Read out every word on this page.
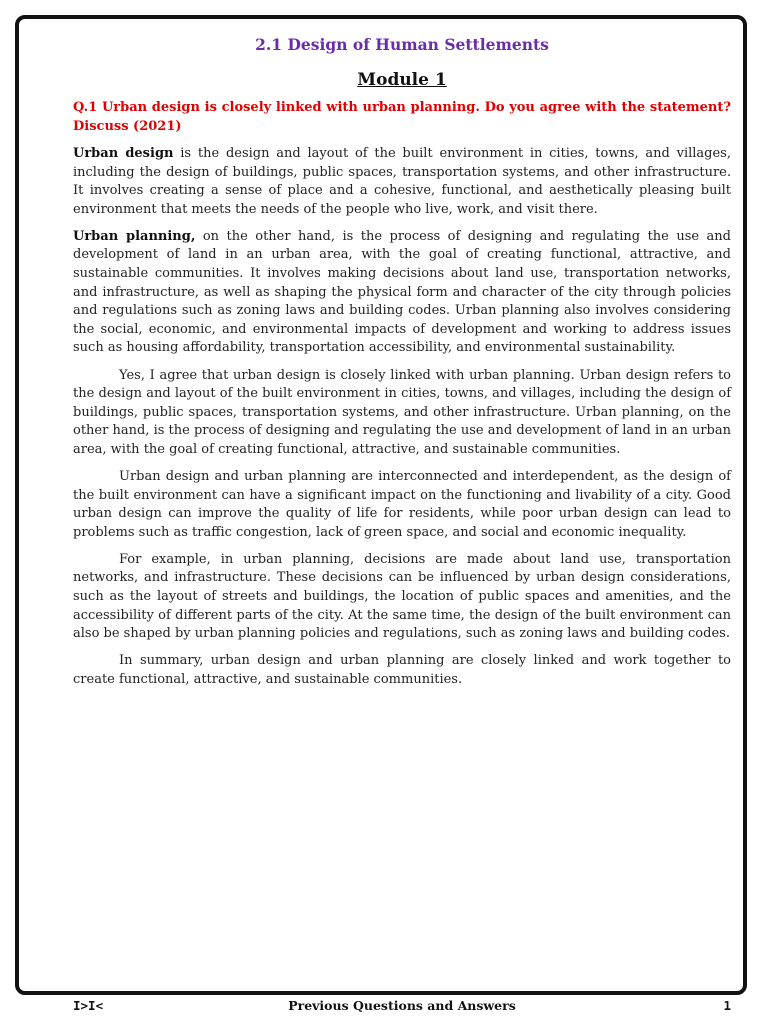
2.1 Design of Human Settlements
Module 1
Q.1 Urban design is closely linked with urban planning. Do you agree with the statement? Discuss (2021)

Urban design is the design and layout of the built environment in cities, towns, and villages, including the design of buildings, public spaces, transportation systems, and other infrastructure. It involves creating a sense of place and a cohesive, functional, and aesthetically pleasing built environment that meets the needs of the people who live, work, and visit there.

Urban planning, on the other hand, is the process of designing and regulating the use and development of land in an urban area, with the goal of creating functional, attractive, and sustainable communities. It involves making decisions about land use, transportation networks, and infrastructure, as well as shaping the physical form and character of the city through policies and regulations such as zoning laws and building codes. Urban planning also involves considering the social, economic, and environmental impacts of development and working to address issues such as housing affordability, transportation accessibility, and environmental sustainability.

Yes, I agree that urban design is closely linked with urban planning. Urban design refers to the design and layout of the built environment in cities, towns, and villages, including the design of buildings, public spaces, transportation systems, and other infrastructure. Urban planning, on the other hand, is the process of designing and regulating the use and development of land in an urban area, with the goal of creating functional, attractive, and sustainable communities.

Urban design and urban planning are interconnected and interdependent, as the design of the built environment can have a significant impact on the functioning and livability of a city. Good urban design can improve the quality of life for residents, while poor urban design can lead to problems such as traffic congestion, lack of green space, and social and economic inequality.

For example, in urban planning, decisions are made about land use, transportation networks, and infrastructure. These decisions can be influenced by urban design considerations, such as the layout of streets and buildings, the location of public spaces and amenities, and the accessibility of different parts of the city. At the same time, the design of the built environment can also be shaped by urban planning policies and regulations, such as zoning laws and building codes.

In summary, urban design and urban planning are closely linked and work together to create functional, attractive, and sustainable communities.

I>I<	Previous Questions and Answers	1
